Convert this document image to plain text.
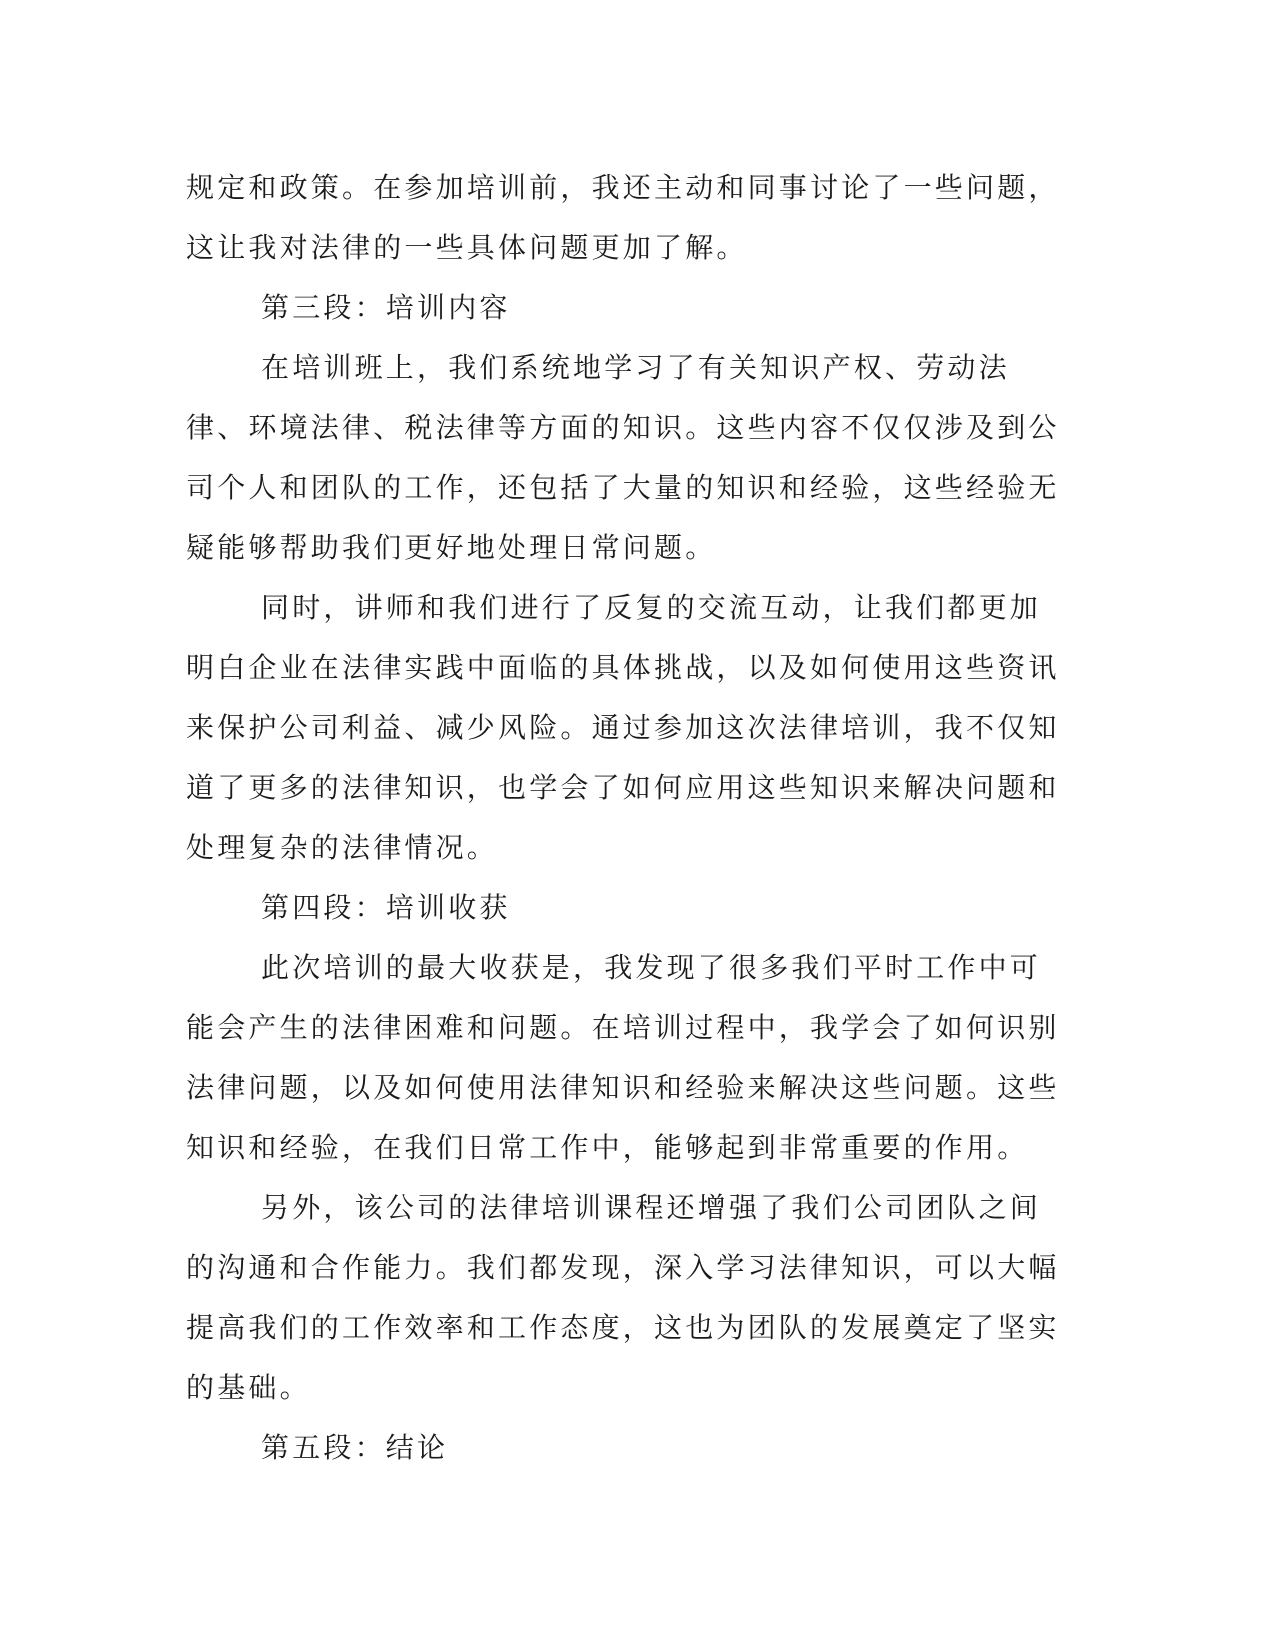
规定和政策。在参加培训前，我还主动和同事讨论了一些问题，这让我对法律的一些具体问题更加了解。

第三段：培训内容

在培训班上，我们系统地学习了有关知识产权、劳动法律、环境法律、税法律等方面的知识。这些内容不仅仅涉及到公司个人和团队的工作，还包括了大量的知识和经验，这些经验无疑能够帮助我们更好地处理日常问题。

同时，讲师和我们进行了反复的交流互动，让我们都更加明白企业在法律实践中面临的具体挑战，以及如何使用这些资讯来保护公司利益、减少风险。通过参加这次法律培训，我不仅知道了更多的法律知识，也学会了如何应用这些知识来解决问题和处理复杂的法律情况。

第四段：培训收获

此次培训的最大收获是，我发现了很多我们平时工作中可能会产生的法律困难和问题。在培训过程中，我学会了如何识别法律问题，以及如何使用法律知识和经验来解决这些问题。这些知识和经验，在我们日常工作中，能够起到非常重要的作用。

另外，该公司的法律培训课程还增强了我们公司团队之间的沟通和合作能力。我们都发现，深入学习法律知识，可以大幅提高我们的工作效率和工作态度，这也为团队的发展奠定了坚实的基础。

第五段：结论
